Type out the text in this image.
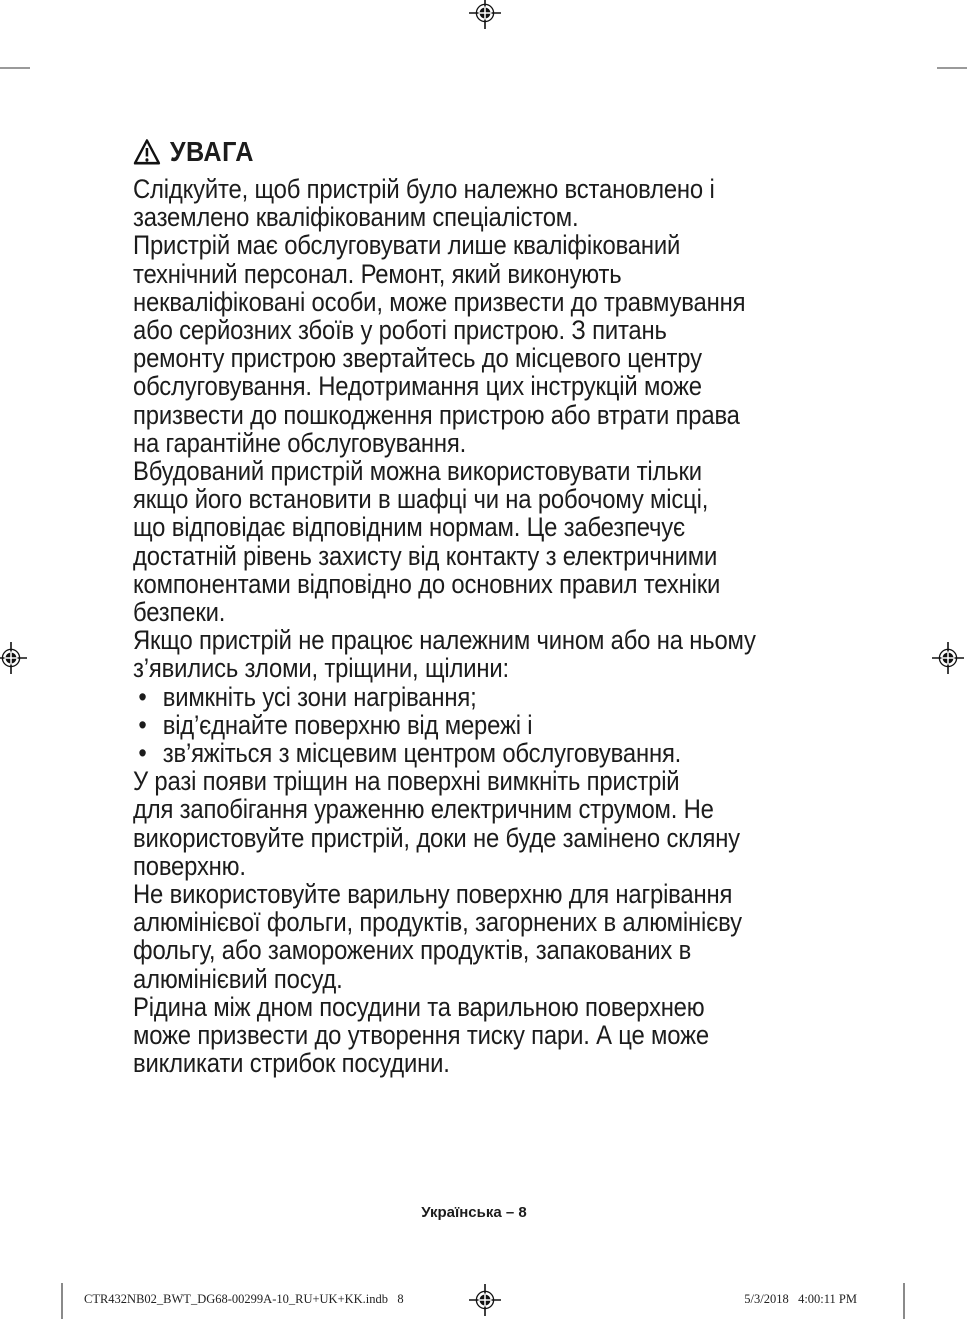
УВАГА
Слідкуйте, щоб пристрій було належно встановлено і
заземлено кваліфікованим спеціалістом.
Пристрій має обслуговувати лише кваліфікований
технічний персонал. Ремонт, який виконують
некваліфіковані особи, може призвести до травмування
або серйозних збоїв у роботі пристрою. З питань
ремонту пристрою звертайтесь до місцевого центру
обслуговування. Недотримання цих інструкцій може
призвести до пошкодження пристрою або втрати права
на гарантійне обслуговування.
Вбудований пристрій можна використовувати тільки
якщо його встановити в шафці чи на робочому місці,
що відповідає відповідним нормам. Це забезпечує
достатній рівень захисту від контакту з електричними
компонентами відповідно до основних правил техніки
безпеки.
Якщо пристрій не працює належним чином або на ньому
з’явились зломи, тріщини, щілини:
• вимкніть усі зони нагрівання;
• від’єднайте поверхню від мережі і
• зв’яжіться з місцевим центром обслуговування.
У разі появи тріщин на поверхні вимкніть пристрій
для запобігання ураженню електричним струмом. Не
використовуйте пристрій, доки не буде замінено скляну
поверхню.
Не використовуйте варильну поверхню для нагрівання
алюмінієвої фольги, продуктів, загорнених в алюмінієву
фольгу, або заморожених продуктів, запакованих в
алюмінієвий посуд.
Рідина між дном посудини та варильною поверхнею
може призвести до утворення тиску пари. А це може
викликати стрибок посудини.
Українська – 8
CTR432NB02_BWT_DG68-00299A-10_RU+UK+KK.indb   8	5/3/2018   4:00:11 PM
